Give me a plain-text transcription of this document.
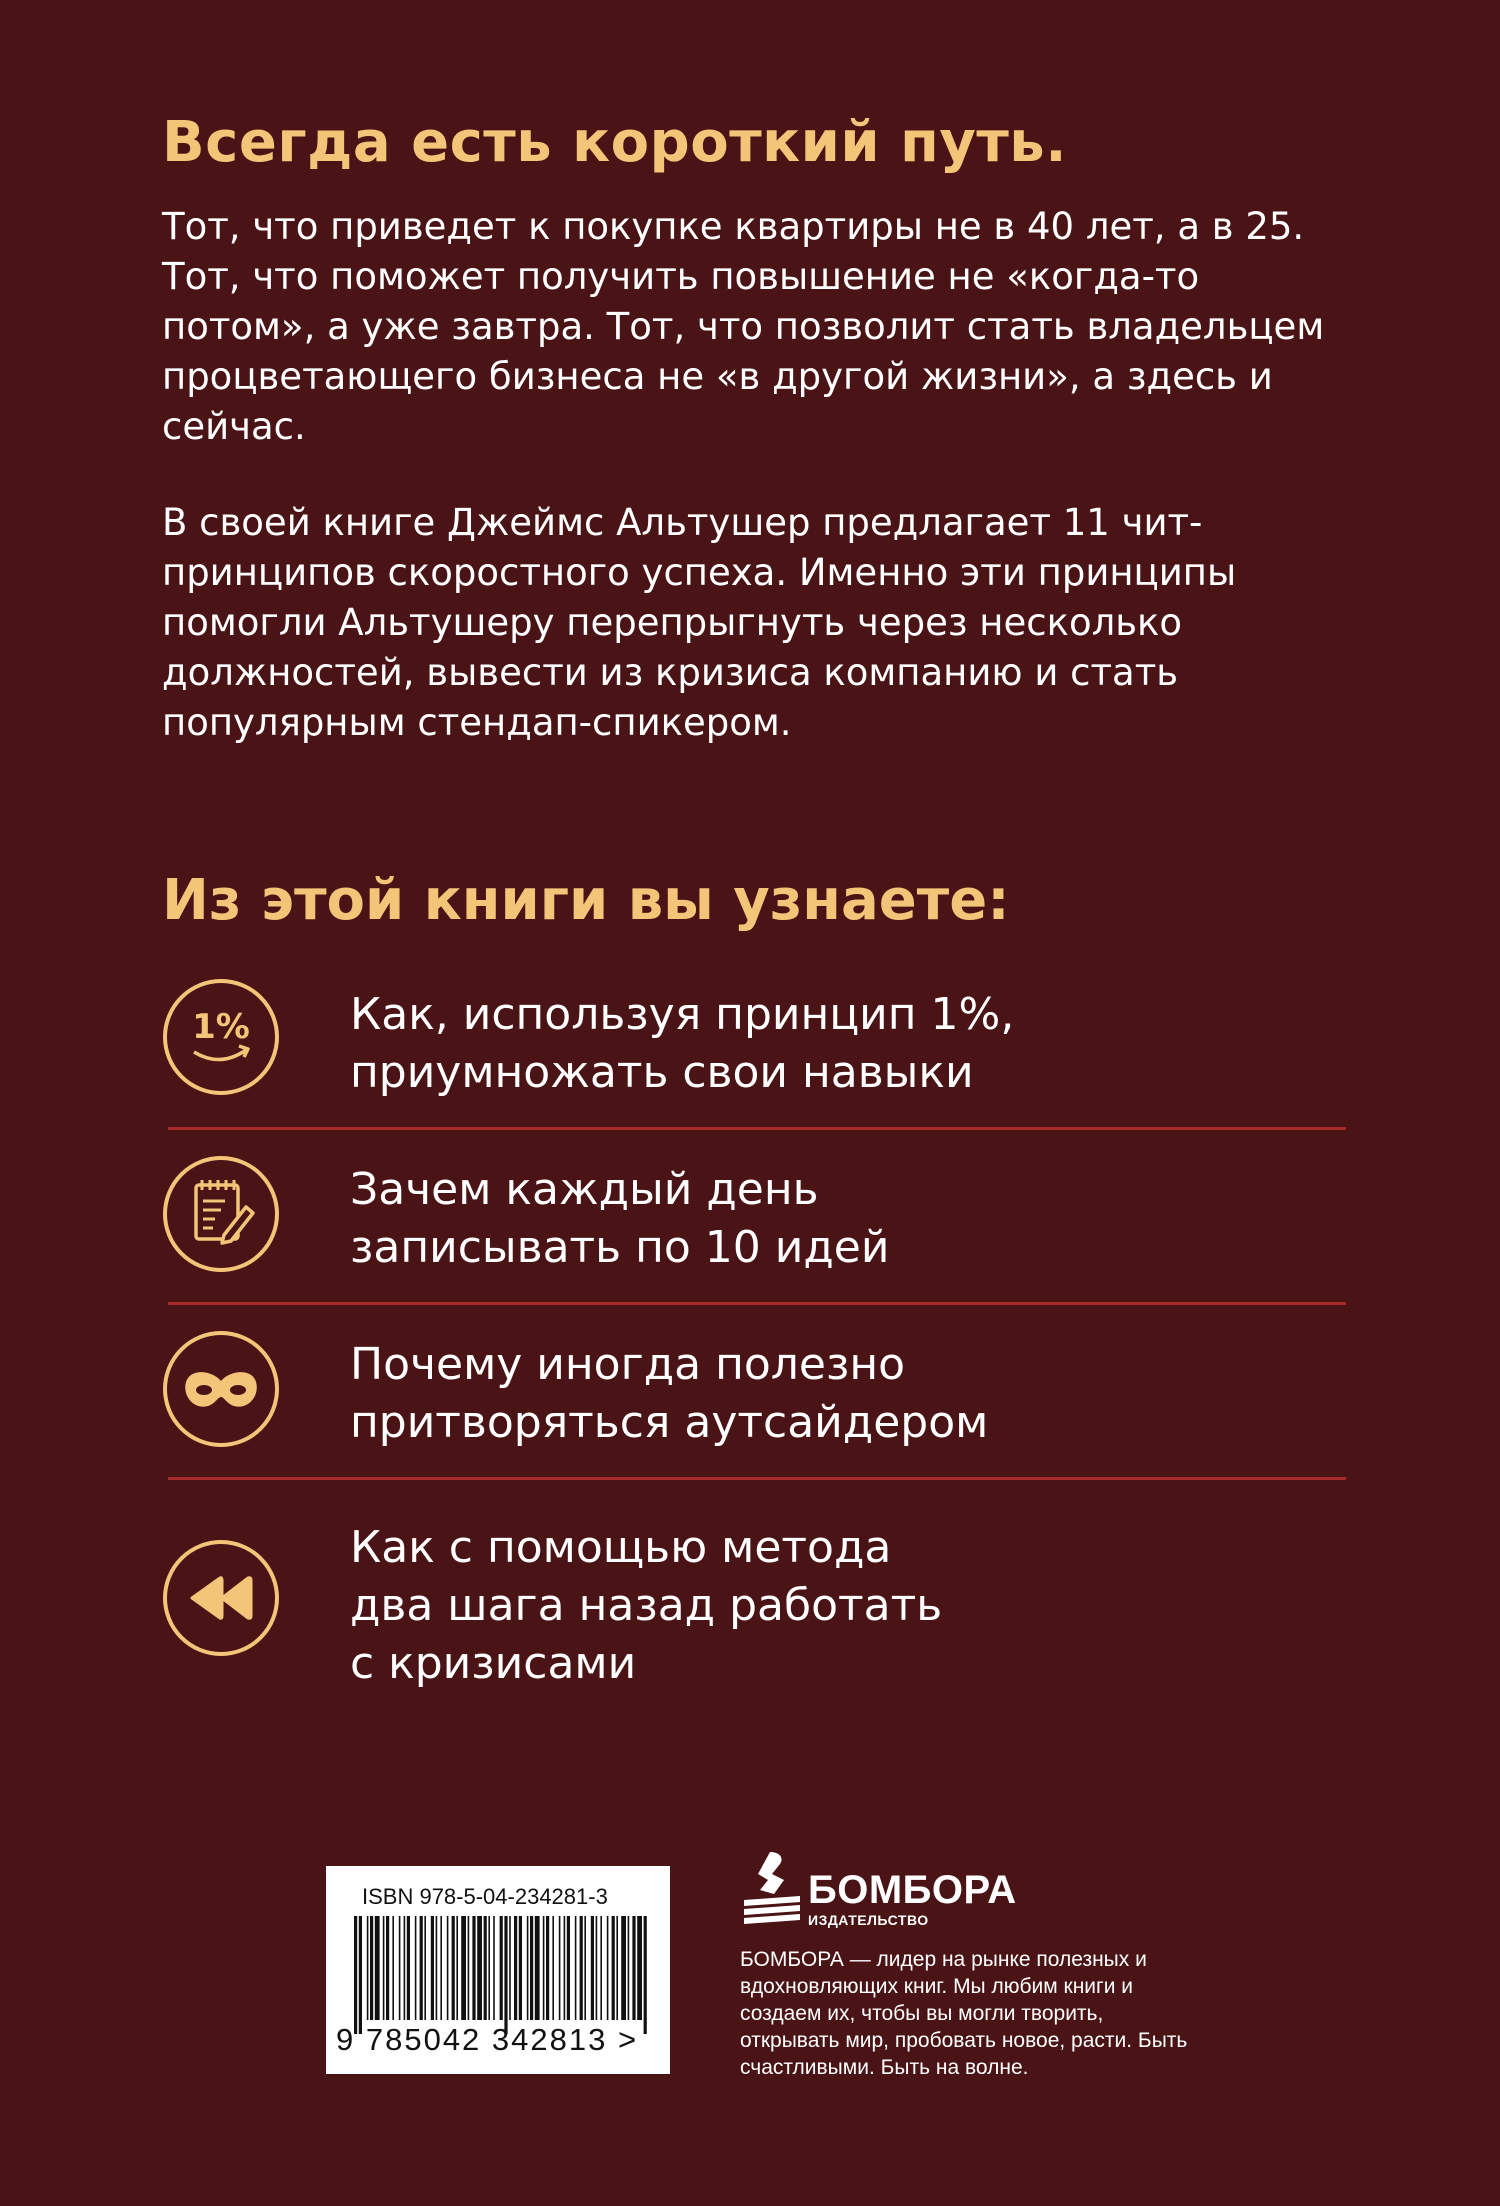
Всегда есть короткий путь.

Тот, что приведет к покупке квартиры не в 40 лет, а в 25. Тот, что поможет получить повышение не «когда-то потом», а уже завтра. Тот, что позволит стать владельцем процветающего бизнеса не «в другой жизни», а здесь и сейчас.

В своей книге Джеймс Альтушер предлагает 11 чит-принципов скоростного успеха. Именно эти принципы помогли Альтушеру перепрыгнуть через несколько должностей, вывести из кризиса компанию и стать популярным стендап-спикером.

Из этой книги вы узнаете:
1% Как, используя принцип 1%,
приумножать свои навыки
Зачем каждый день
записывать по 10 идей
Почему иногда полезно
притворяться аутсайдером
Как с помощью метода
два шага назад работать
с кризисами
ISBN 978-5-04-234281-3
9 785042 342813 >
БОМБОРА
ИЗДАТЕЛЬСТВО
БОМБОРА — лидер на рынке полезных и вдохновляющих книг. Мы любим книги и создаем их, чтобы вы могли творить, открывать мир, пробовать новое, расти. Быть счастливыми. Быть на волне.
